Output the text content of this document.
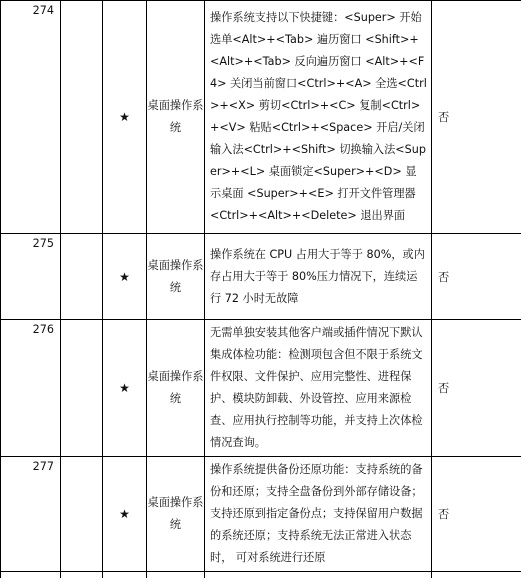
274		★	桌面操作系统	操作系统支持以下快捷键：<Super> 开始选单<Alt>+<Tab> 遍历窗口 <Shift>+<Alt>+<Tab> 反向遍历窗口 <Alt>+<F4> 关闭当前窗口<Ctrl>+<A> 全选<Ctrl>+<X> 剪切<Ctrl>+<C> 复制<Ctrl>+<V> 粘贴<Ctrl>+<Space> 开启/关闭输入法<Ctrl>+<Shift> 切换输入法<Super>+<L> 桌面锁定<Super>+<D> 显示桌面 <Super>+<E> 打开文件管理器 <Ctrl>+<Alt>+<Delete> 退出界面	否
275		★	桌面操作系统	操作系统在 CPU 占用大于等于 80%，或内存占用大于等于 80%压力情况下，连续运行 72 小时无故障	否
276		★	桌面操作系统	无需单独安装其他客户端或插件情况下默认集成体检功能：检测项包含但不限于系统文件权限、文件保护、应用完整性、进程保护、模块防卸载、外设管控、应用来源检查、应用执行控制等功能，并支持上次体检情况查询。	否
277		★	桌面操作系统	操作系统提供备份还原功能：支持系统的备份和还原；支持全盘备份到外部存储设备；支持还原到指定备份点；支持保留用户数据的系统还原；支持系统无法正常进入状态时， 可对系统进行还原	否
